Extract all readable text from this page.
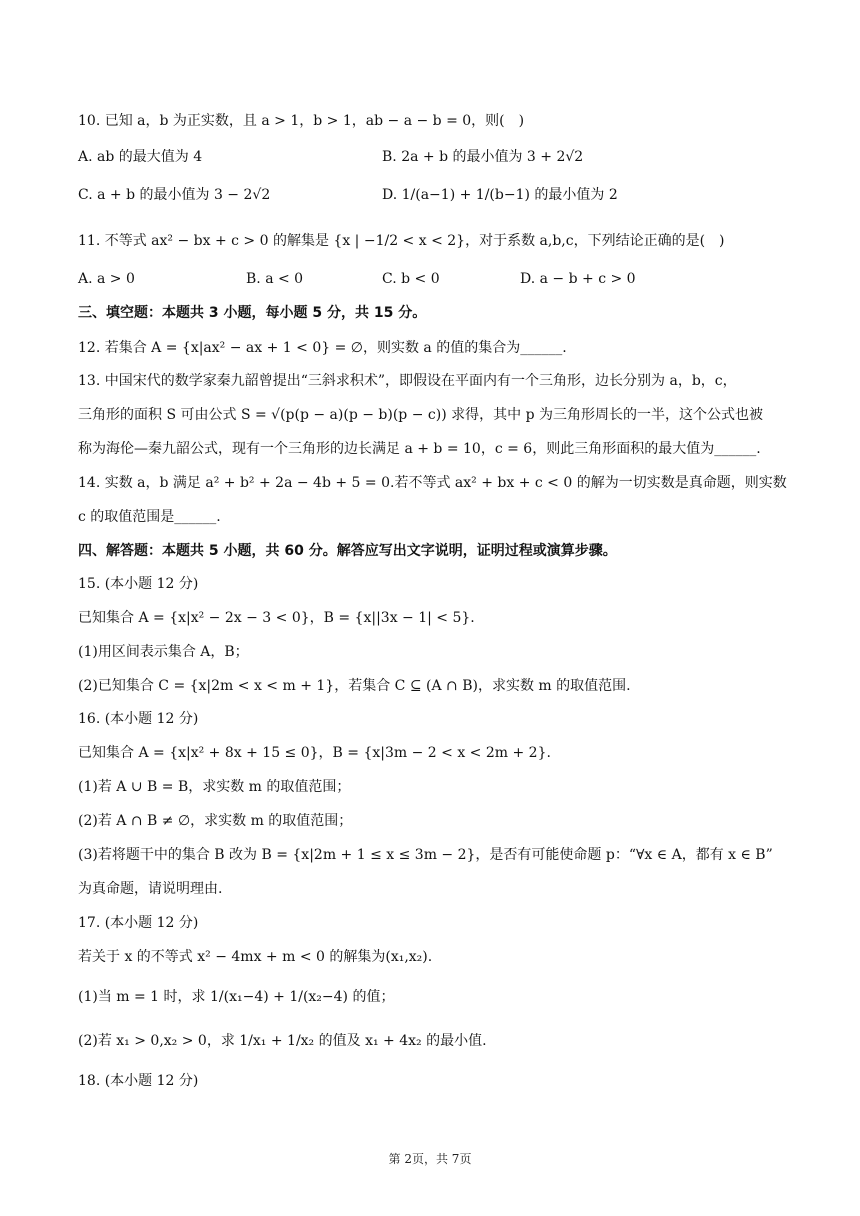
10. 已知 a，b 为正实数，且 a > 1，b > 1，ab − a − b = 0，则(　)
A. ab 的最大值为 4	B. 2a + b 的最小值为 3 + 2√2
C. a + b 的最小值为 3 − 2√2	D. 1/(a−1) + 1/(b−1) 的最小值为 2
11. 不等式 ax² − bx + c > 0 的解集是 {x | −1/2 < x < 2}，对于系数 a,b,c，下列结论正确的是(　)
A. a > 0	B. a < 0	C. b < 0	D. a − b + c > 0
三、填空题：本题共 3 小题，每小题 5 分，共 15 分。
12. 若集合 A = {x|ax² − ax + 1 < 0} = ∅，则实数 a 的值的集合为______.
13. 中国宋代的数学家秦九韶曾提出“三斜求积术”，即假设在平面内有一个三角形，边长分别为 a，b，c，
三角形的面积 S 可由公式 S = √(p(p − a)(p − b)(p − c)) 求得，其中 p 为三角形周长的一半，这个公式也被
称为海伦—秦九韶公式，现有一个三角形的边长满足 a + b = 10，c = 6，则此三角形面积的最大值为______.
14. 实数 a，b 满足 a² + b² + 2a − 4b + 5 = 0.若不等式 ax² + bx + c < 0 的解为一切实数是真命题，则实数
c 的取值范围是______.
四、解答题：本题共 5 小题，共 60 分。解答应写出文字说明，证明过程或演算步骤。
15. (本小题 12 分)
已知集合 A = {x|x² − 2x − 3 < 0}，B = {x||3x − 1| < 5}.
(1)用区间表示集合 A，B；
(2)已知集合 C = {x|2m < x < m + 1}，若集合 C ⊆ (A ∩ B)，求实数 m 的取值范围.
16. (本小题 12 分)
已知集合 A = {x|x² + 8x + 15 ≤ 0}，B = {x|3m − 2 < x < 2m + 2}.
(1)若 A ∪ B = B，求实数 m 的取值范围；
(2)若 A ∩ B ≠ ∅，求实数 m 的取值范围；
(3)若将题干中的集合 B 改为 B = {x|2m + 1 ≤ x ≤ 3m − 2}，是否有可能使命题 p：“∀x ∈ A，都有 x ∈ B”
为真命题，请说明理由.
17. (本小题 12 分)
若关于 x 的不等式 x² − 4mx + m < 0 的解集为(x₁,x₂).
(1)当 m = 1 时，求 1/(x₁−4) + 1/(x₂−4) 的值；
(2)若 x₁ > 0,x₂ > 0，求 1/x₁ + 1/x₂ 的值及 x₁ + 4x₂ 的最小值.
18. (本小题 12 分)
第 2页，共 7页
